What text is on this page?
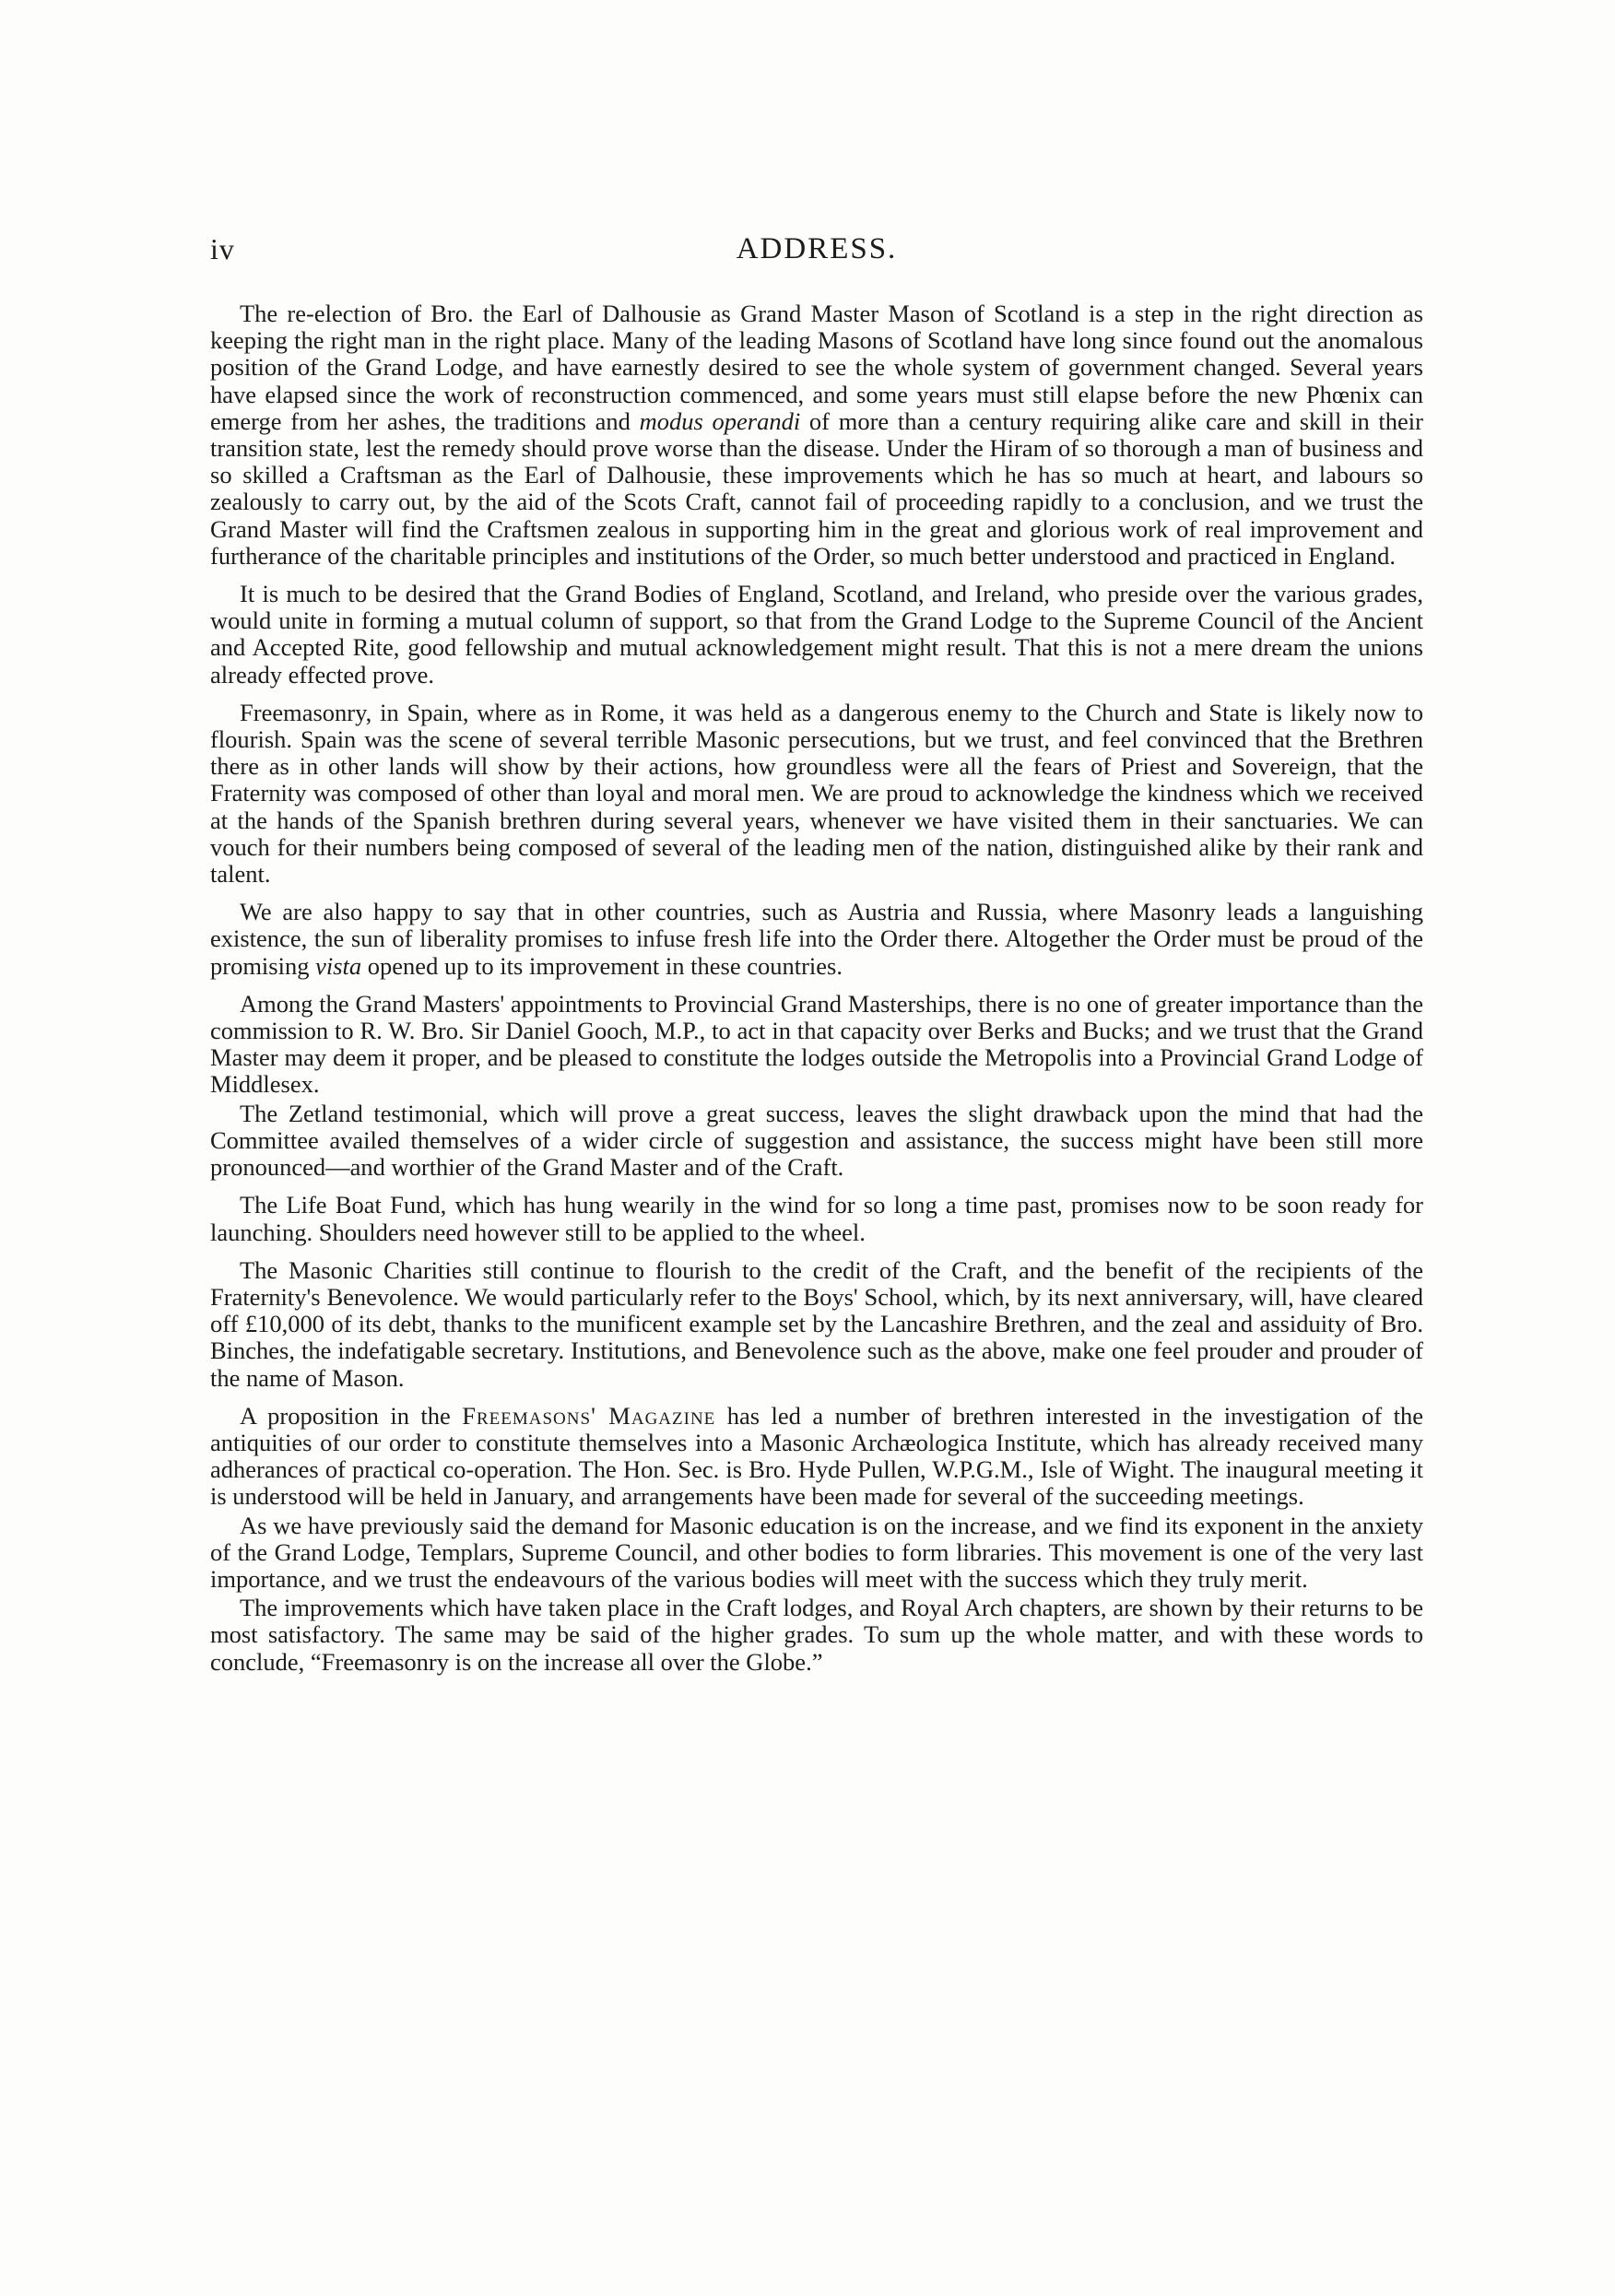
iv	ADDRESS.

The re-election of Bro. the Earl of Dalhousie as Grand Master Mason of Scotland is a step in the right direction as keeping the right man in the right place. Many of the leading Masons of Scotland have long since found out the anomalous position of the Grand Lodge, and have earnestly desired to see the whole system of government changed. Several years have elapsed since the work of reconstruction commenced, and some years must still elapse before the new Phœnix can emerge from her ashes, the traditions and modus operandi of more than a century requiring alike care and skill in their transition state, lest the remedy should prove worse than the disease. Under the Hiram of so thorough a man of business and so skilled a Craftsman as the Earl of Dalhousie, these improvements which he has so much at heart, and labours so zealously to carry out, by the aid of the Scots Craft, cannot fail of proceeding rapidly to a conclusion, and we trust the Grand Master will find the Craftsmen zealous in supporting him in the great and glorious work of real improvement and furtherance of the charitable principles and institutions of the Order, so much better understood and practiced in England.

It is much to be desired that the Grand Bodies of England, Scotland, and Ireland, who preside over the various grades, would unite in forming a mutual column of support, so that from the Grand Lodge to the Supreme Council of the Ancient and Accepted Rite, good fellowship and mutual acknowledgement might result. That this is not a mere dream the unions already effected prove.

Freemasonry, in Spain, where as in Rome, it was held as a dangerous enemy to the Church and State is likely now to flourish. Spain was the scene of several terrible Masonic persecutions, but we trust, and feel convinced that the Brethren there as in other lands will show by their actions, how groundless were all the fears of Priest and Sovereign, that the Fraternity was composed of other than loyal and moral men. We are proud to acknowledge the kindness which we received at the hands of the Spanish brethren during several years, whenever we have visited them in their sanctuaries. We can vouch for their numbers being composed of several of the leading men of the nation, distinguished alike by their rank and talent.

We are also happy to say that in other countries, such as Austria and Russia, where Masonry leads a languishing existence, the sun of liberality promises to infuse fresh life into the Order there. Altogether the Order must be proud of the promising vista opened up to its improvement in these countries.

Among the Grand Masters' appointments to Provincial Grand Masterships, there is no one of greater importance than the commission to R. W. Bro. Sir Daniel Gooch, M.P., to act in that capacity over Berks and Bucks; and we trust that the Grand Master may deem it proper, and be pleased to constitute the lodges outside the Metropolis into a Provincial Grand Lodge of Middlesex.

The Zetland testimonial, which will prove a great success, leaves the slight drawback upon the mind that had the Committee availed themselves of a wider circle of suggestion and assistance, the success might have been still more pronounced—and worthier of the Grand Master and of the Craft.

The Life Boat Fund, which has hung wearily in the wind for so long a time past, promises now to be soon ready for launching. Shoulders need however still to be applied to the wheel.

The Masonic Charities still continue to flourish to the credit of the Craft, and the benefit of the recipients of the Fraternity's Benevolence. We would particularly refer to the Boys' School, which, by its next anniversary, will, have cleared off £10,000 of its debt, thanks to the munificent example set by the Lancashire Brethren, and the zeal and assiduity of Bro. Binches, the indefatigable secretary. Institutions, and Benevolence such as the above, make one feel prouder and prouder of the name of Mason.

A proposition in the Freemasons' Magazine has led a number of brethren interested in the investigation of the antiquities of our order to constitute themselves into a Masonic Archæologica Institute, which has already received many adherances of practical co-operation. The Hon. Sec. is Bro. Hyde Pullen, W.P.G.M., Isle of Wight. The inaugural meeting it is understood will be held in January, and arrangements have been made for several of the succeeding meetings.

As we have previously said the demand for Masonic education is on the increase, and we find its exponent in the anxiety of the Grand Lodge, Templars, Supreme Council, and other bodies to form libraries. This movement is one of the very last importance, and we trust the endeavours of the various bodies will meet with the success which they truly merit.

The improvements which have taken place in the Craft lodges, and Royal Arch chapters, are shown by their returns to be most satisfactory. The same may be said of the higher grades. To sum up the whole matter, and with these words to conclude, “Freemasonry is on the increase all over the Globe.”
